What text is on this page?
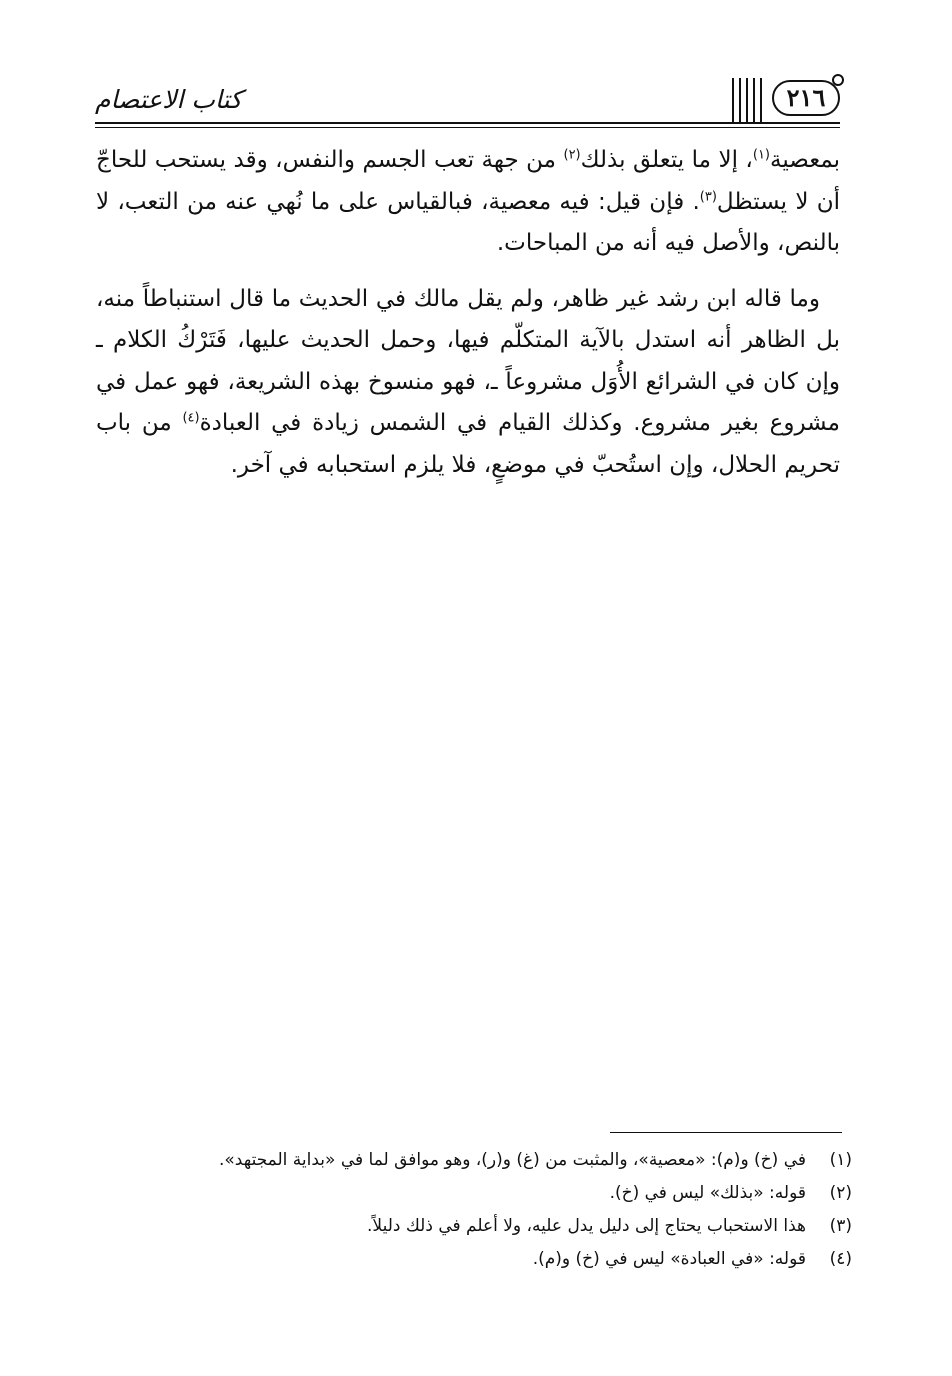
كتاب الاعتصام	٢١٦

بمعصية$^{(١)}$، إلا ما يتعلق بذلك$^{(٢)}$ من جهة تعب الجسم والنفس، وقد يستحب للحاجّ أن لا يستظل$^{(٣)}$. فإن قيل: فيه معصية، فبالقياس على ما نُهي عنه من التعب، لا بالنص، والأصل فيه أنه من المباحات.

وما قاله ابن رشد غير ظاهر، ولم يقل مالك في الحديث ما قال استنباطاً منه، بل الظاهر أنه استدل بالآية المتكلّم فيها، وحمل الحديث عليها، فَتَرْكُ الكلام ـ وإن كان في الشرائع الأُوَل مشروعاً ـ، فهو منسوخ بهذه الشريعة، فهو عمل في مشروع بغير مشروع. وكذلك القيام في الشمس زيادة في العبادة$^{(٤)}$ من باب تحريم الحلال، وإن استُحبّ في موضعٍ، فلا يلزم استحبابه في آخر.

(١)
في (خ) و(م): «معصية»، والمثبت من (غ) و(ر)، وهو موافق لما في «بداية المجتهد».
(٢)
قوله: «بذلك» ليس في (خ).
(٣)
هذا الاستحباب يحتاج إلى دليل يدل عليه، ولا أعلم في ذلك دليلاً.
(٤)
قوله: «في العبادة» ليس في (خ) و(م).
